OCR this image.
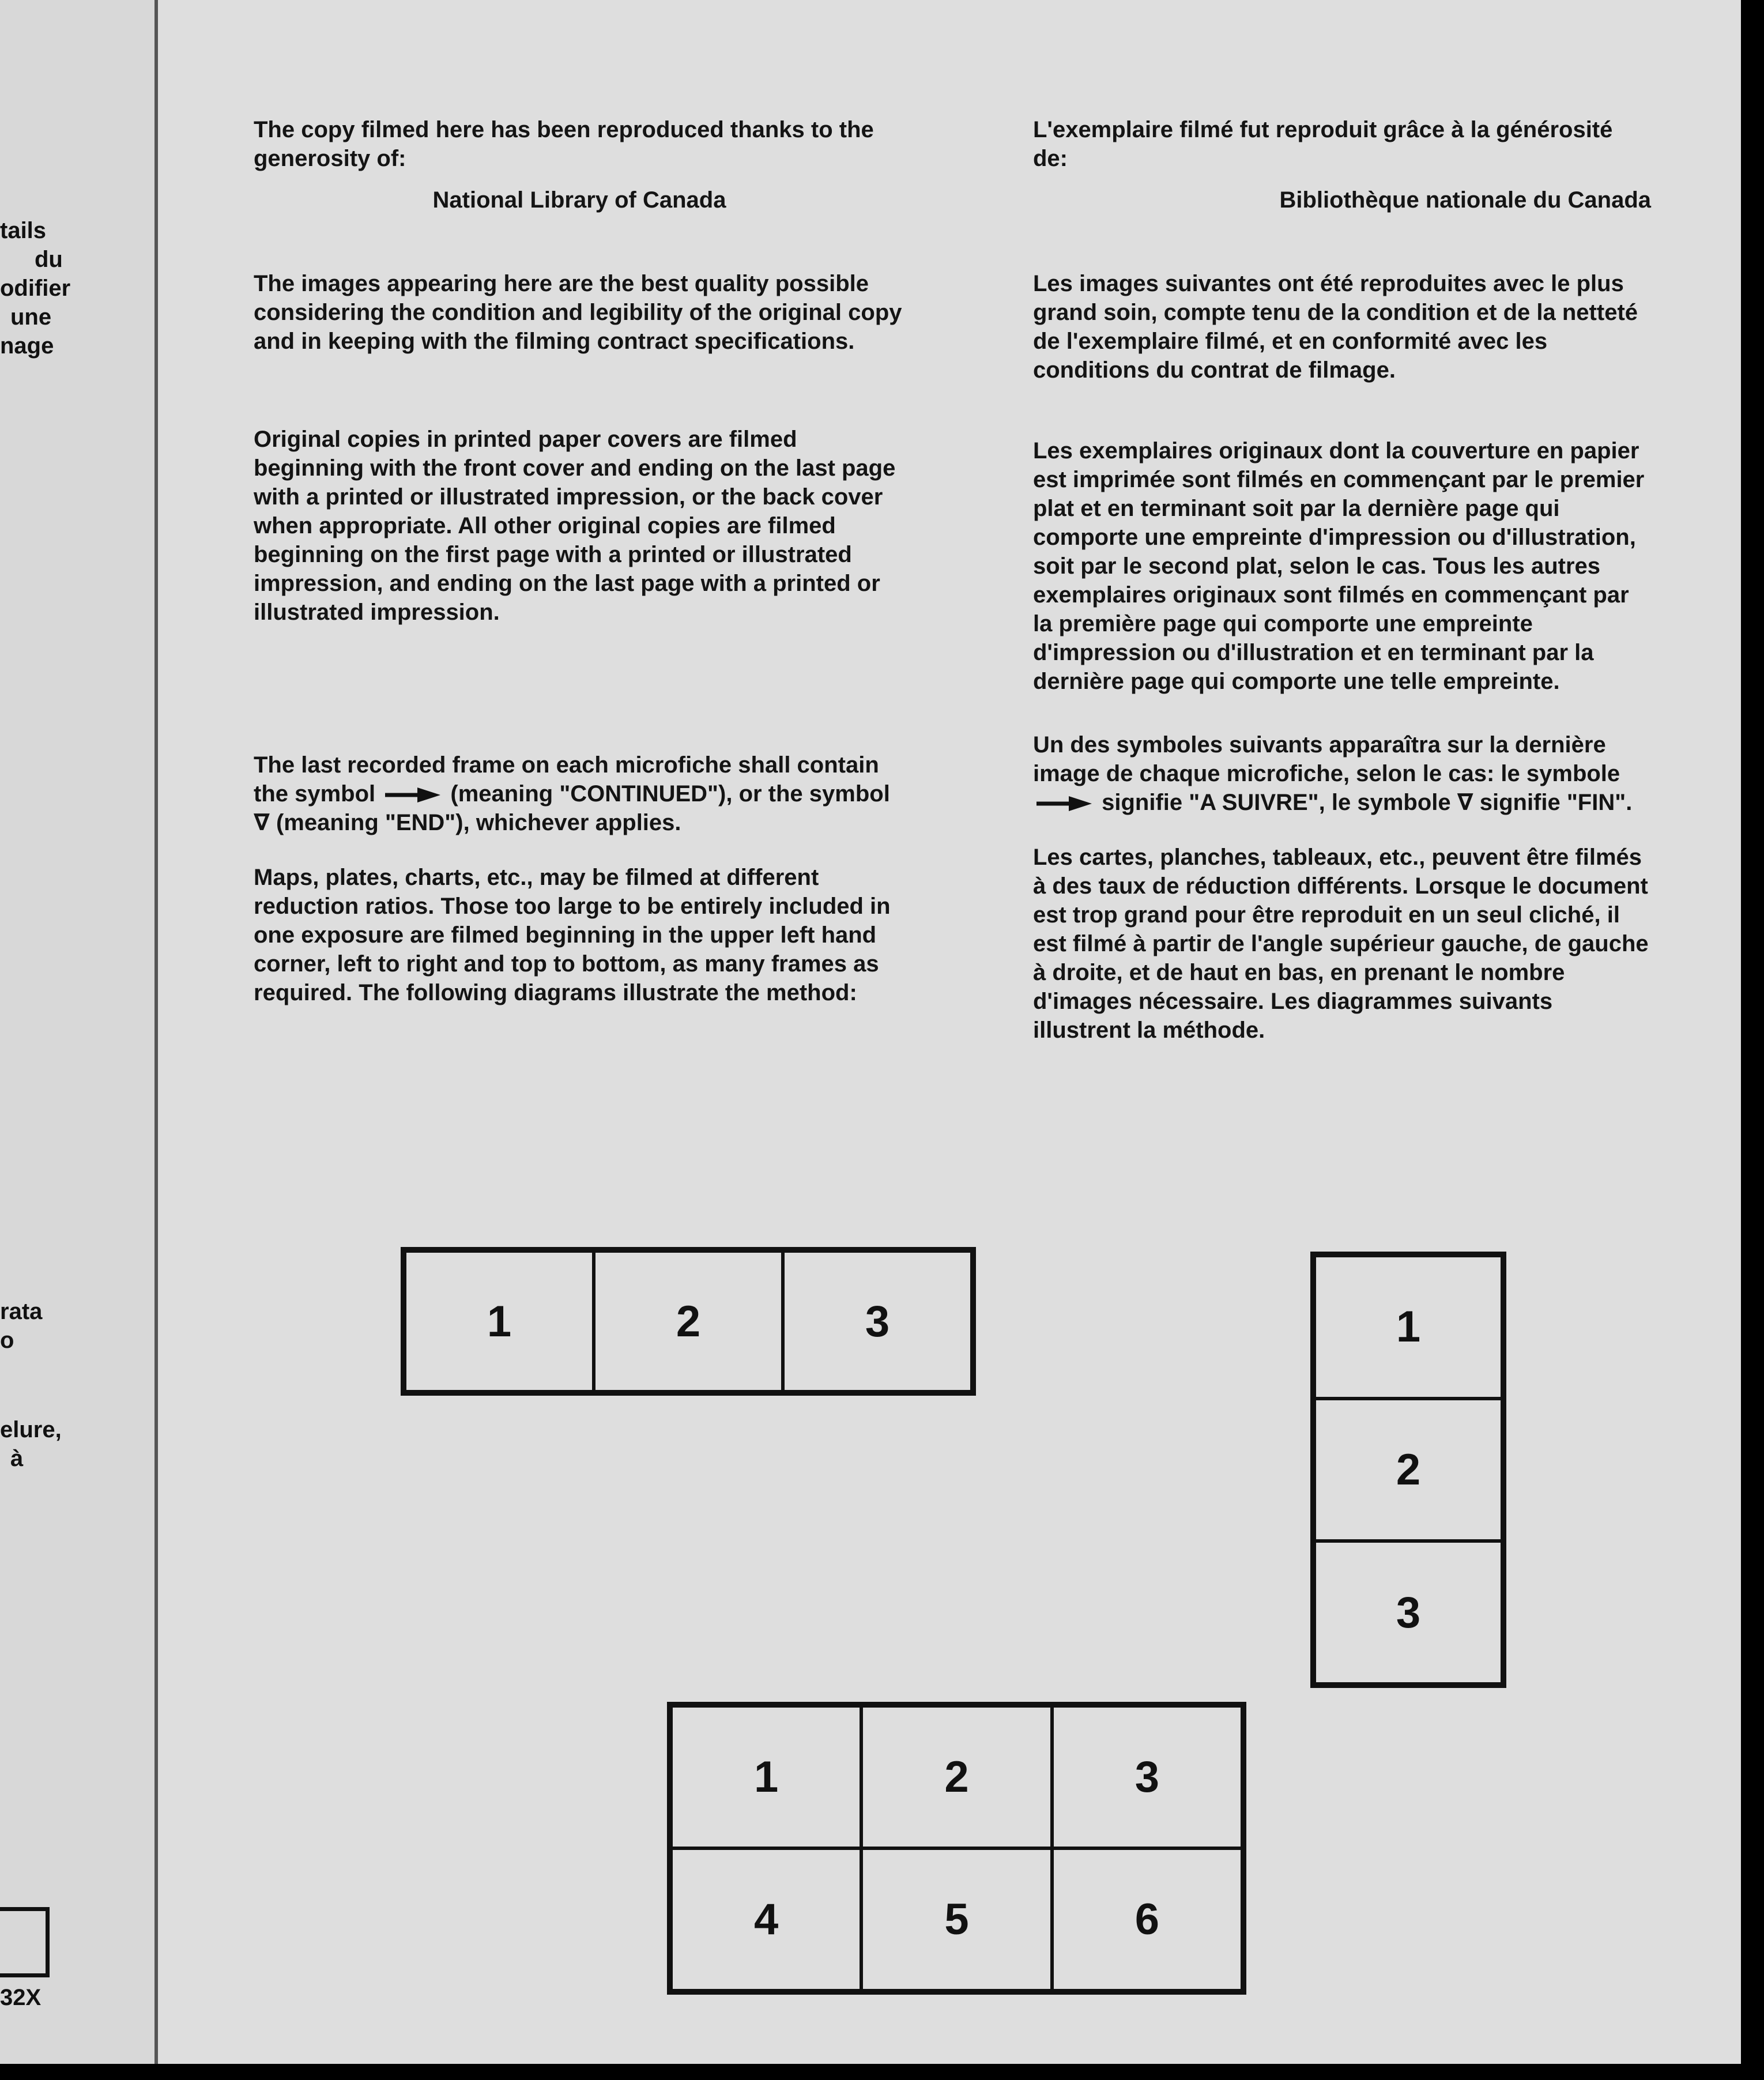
tails
du
odifier
une
nage
rata
o
elure,
à
32X

The copy filmed here has been reproduced thanks to the generosity of:

National Library of Canada

The images appearing here are the best quality possible considering the condition and legibility of the original copy and in keeping with the filming contract specifications.

Original copies in printed paper covers are filmed beginning with the front cover and ending on the last page with a printed or illustrated impression, or the back cover when appropriate. All other original copies are filmed beginning on the first page with a printed or illustrated impression, and ending on the last page with a printed or illustrated impression.

The last recorded frame on each microfiche shall contain the symbol	(meaning "CONTINUED"), or the symbol ∇ (meaning "END"), whichever applies.

Maps, plates, charts, etc., may be filmed at different reduction ratios. Those too large to be entirely included in one exposure are filmed beginning in the upper left hand corner, left to right and top to bottom, as many frames as required. The following diagrams illustrate the method:

L'exemplaire filmé fut reproduit grâce à la générosité de:

Bibliothèque nationale du Canada

Les images suivantes ont été reproduites avec le plus grand soin, compte tenu de la condition et de la netteté de l'exemplaire filmé, et en conformité avec les conditions du contrat de filmage.

Les exemplaires originaux dont la couverture en papier est imprimée sont filmés en commençant par le premier plat et en terminant soit par la dernière page qui comporte une empreinte d'impression ou d'illustration, soit par le second plat, selon le cas. Tous les autres exemplaires originaux sont filmés en commençant par la première page qui comporte une empreinte d'impression ou d'illustration et en terminant par la dernière page qui comporte une telle empreinte.

Un des symboles suivants apparaîtra sur la dernière image de chaque microfiche, selon le cas: le symbole  signifie "A SUIVRE", le symbole ∇ signifie "FIN".

Les cartes, planches, tableaux, etc., peuvent être filmés à des taux de réduction différents. Lorsque le document est trop grand pour être reproduit en un seul cliché, il est filmé à partir de l'angle supérieur gauche, de gauche à droite, et de haut en bas, en prenant le nombre d'images nécessaire. Les diagrammes suivants illustrent la méthode.

1	2	3	1
2
3
1	2	3
4	5	6
